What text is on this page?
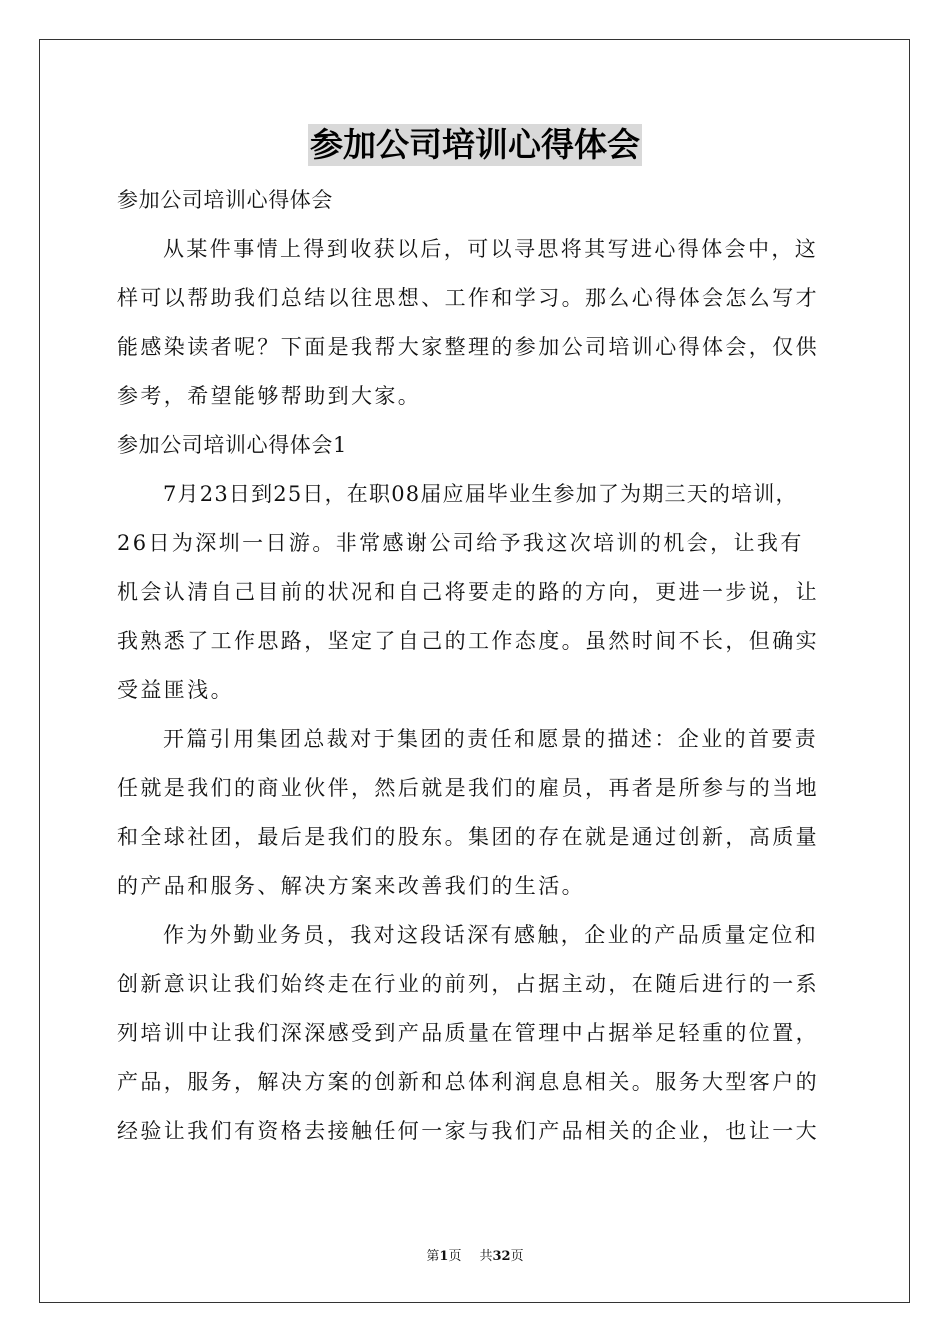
参加公司培训心得体会
参加公司培训心得体会
从某件事情上得到收获以后，可以寻思将其写进心得体会中，这
样可以帮助我们总结以往思想、工作和学习。那么心得体会怎么写才
能感染读者呢？下面是我帮大家整理的参加公司培训心得体会，仅供
参考，希望能够帮助到大家。
参加公司培训心得体会1
7月23日到25日，在职08届应届毕业生参加了为期三天的培训，
26日为深圳一日游。非常感谢公司给予我这次培训的机会，让我有
机会认清自己目前的状况和自己将要走的路的方向，更进一步说，让
我熟悉了工作思路，坚定了自己的工作态度。虽然时间不长，但确实
受益匪浅。
开篇引用集团总裁对于集团的责任和愿景的描述：企业的首要责
任就是我们的商业伙伴，然后就是我们的雇员，再者是所参与的当地
和全球社团，最后是我们的股东。集团的存在就是通过创新，高质量
的产品和服务、解决方案来改善我们的生活。
作为外勤业务员，我对这段话深有感触，企业的产品质量定位和
创新意识让我们始终走在行业的前列，占据主动，在随后进行的一系
列培训中让我们深深感受到产品质量在管理中占据举足轻重的位置，
产品，服务，解决方案的创新和总体利润息息相关。服务大型客户的
经验让我们有资格去接触任何一家与我们产品相关的企业，也让一大
第1页 共32页
